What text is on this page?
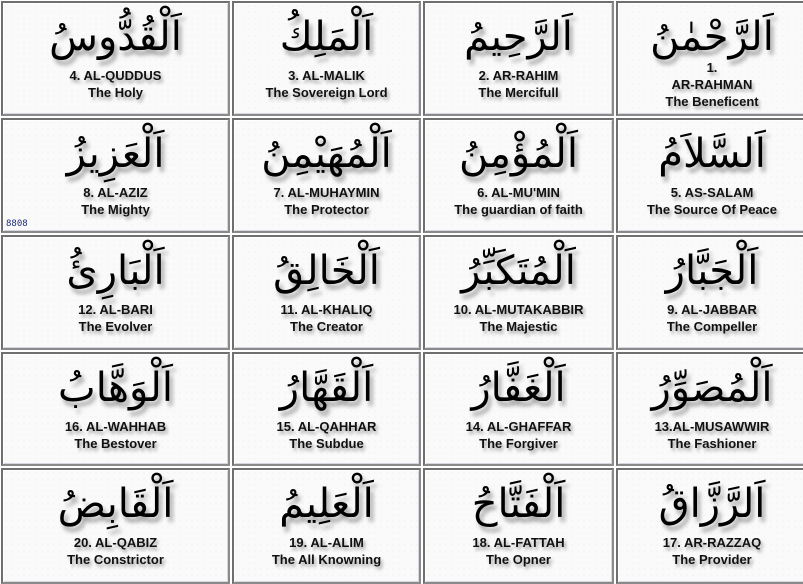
اَلْقُدُّوسُ
4. AL-QUDDUS
The Holy
اَلْمَلِكُ
3. AL-MALIK
The Sovereign Lord
اَلرَّحِيمُ
2. AR-RAHIM
The Mercifull
اَلرَّحْمٰنُ
1.
AR-RAHMAN
The Beneficent
اَلْعَزِيزُ
8. AL-AZIZ
The Mighty
8808
اَلْمُهَيْمِنُ
7. AL-MUHAYMIN
The Protector
اَلْمُؤْمِنُ
6. AL-MU'MIN
The guardian of faith
اَلسَّلاَمُ
5. AS-SALAM
The Source Of Peace
اَلْبَارِئُ
12. AL-BARI
The Evolver
اَلْخَالِقُ
11. AL-KHALIQ
The Creator
اَلْمُتَكَبِّرُ
10. AL-MUTAKABBIR
The Majestic
اَلْجَبَّارُ
9. AL-JABBAR
The Compeller
اَلْوَهَّابُ
16. AL-WAHHAB
The Bestover
اَلْقَهَّارُ
15. AL-QAHHAR
The Subdue
اَلْغَفَّارُ
14. AL-GHAFFAR
The Forgiver
اَلْمُصَوِّرُ
13.AL-MUSAWWIR
The Fashioner
اَلْقَابِضُ
20. AL-QABIZ
The Constrictor
اَلْعَلِيمُ
19. AL-ALIM
The All Knowning
اَلْفَتَّاحُ
18. AL-FATTAH
The Opner
اَلرَّزَّاقُ
17. AR-RAZZAQ
The Provider
